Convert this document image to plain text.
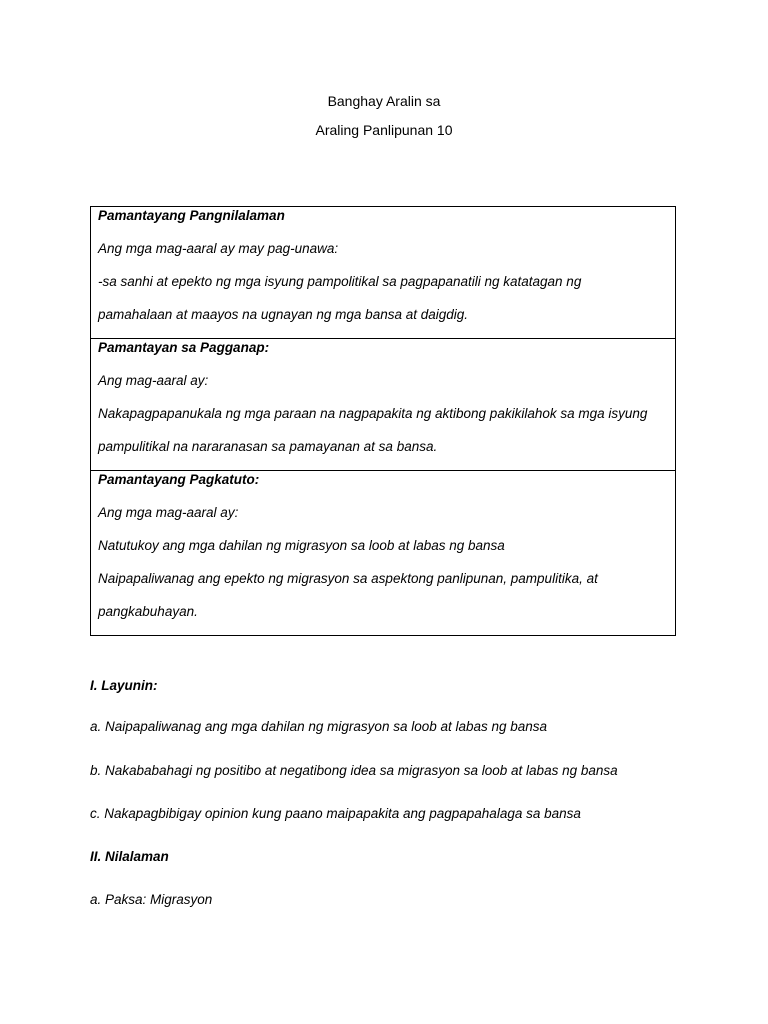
Banghay Aralin sa
Araling Panlipunan 10
Pamantayang Pangnilalaman
Ang mga mag-aaral ay may pag-unawa:
-sa sanhi at epekto ng mga isyung pampolitikal sa pagpapanatili ng katatagan ng
pamahalaan at maayos na ugnayan ng mga bansa at daigdig.
Pamantayan sa Pagganap:
Ang mag-aaral ay:
Nakapagpapanukala ng mga paraan na nagpapakita ng aktibong pakikilahok sa mga isyung
pampulitikal na nararanasan sa pamayanan at sa bansa.
Pamantayang Pagkatuto:
Ang mga mag-aaral ay:
Natutukoy ang mga dahilan ng migrasyon sa loob at labas ng bansa
Naipapaliwanag ang epekto ng migrasyon sa aspektong panlipunan, pampulitika, at
pangkabuhayan.
I. Layunin:
a. Naipapaliwanag ang mga dahilan ng migrasyon sa loob at labas ng bansa
b. Nakababahagi ng positibo at negatibong idea sa migrasyon sa loob at labas ng bansa
c. Nakapagbibigay opinion kung paano maipapakita ang pagpapahalaga sa bansa
II. Nilalaman
a. Paksa: Migrasyon
